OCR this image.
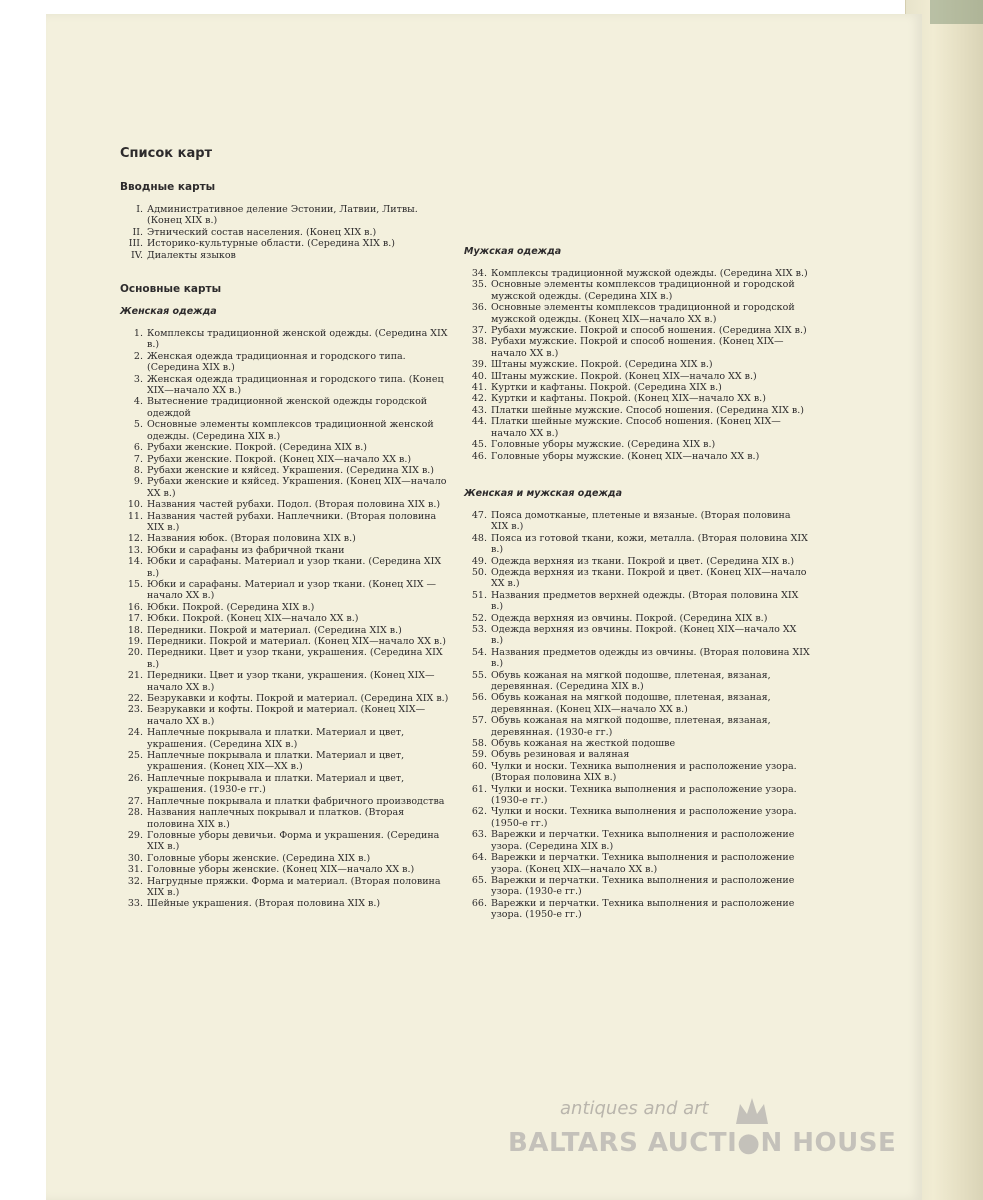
Список карт
Вводные карты
I. Административное деление Эстонии, Латвии, Литвы. (Конец XIX в.)
II. Этнический состав населения. (Конец XIX в.)
III. Историко-культурные области. (Середина XIX в.)
IV. Диалекты языков
Основные карты
Женская одежда
1. Комплексы традиционной женской одежды. (Середина XIX в.)
2. Женская одежда традиционная и городского типа. (Середина XIX в.)
3. Женская одежда традиционная и городского типа. (Конец XIX—начало XX в.)
4. Вытеснение традиционной женской одежды городской одеждой
5. Основные элементы комплексов традиционной женской одежды. (Середина XIX в.)
6. Рубахи женские. Покрой. (Середина XIX в.)
7. Рубахи женские. Покрой. (Конец XIX—начало XX в.)
8. Рубахи женские и кяйсед. Украшения. (Середина XIX в.)
9. Рубахи женские и кяйсед. Украшения. (Конец XIX—начало XX в.)
10. Названия частей рубахи. Подол. (Вторая половина XIX в.)
11. Названия частей рубахи. Наплечники. (Вторая половина XIX в.)
12. Названия юбок. (Вторая половина XIX в.)
13. Юбки и сарафаны из фабричной ткани
14. Юбки и сарафаны. Материал и узор ткани. (Середина XIX в.)
15. Юбки и сарафаны. Материал и узор ткани. (Конец XIX — начало XX в.)
16. Юбки. Покрой. (Середина XIX в.)
17. Юбки. Покрой. (Конец XIX—начало XX в.)
18. Передники. Покрой и материал. (Середина XIX в.)
19. Передники. Покрой и материал. (Конец XIX—начало XX в.)
20. Передники. Цвет и узор ткани, украшения. (Середина XIX в.)
21. Передники. Цвет и узор ткани, украшения. (Конец XIX—начало XX в.)
22. Безрукавки и кофты. Покрой и материал. (Середина XIX в.)
23. Безрукавки и кофты. Покрой и материал. (Конец XIX—начало XX в.)
24. Наплечные покрывала и платки. Материал и цвет, украшения. (Середина XIX в.)
25. Наплечные покрывала и платки. Материал и цвет, украшения. (Конец XIX—XX в.)
26. Наплечные покрывала и платки. Материал и цвет, украшения. (1930-е гг.)
27. Наплечные покрывала и платки фабричного производства
28. Названия наплечных покрывал и платков. (Вторая половина XIX в.)
29. Головные уборы девичьи. Форма и украшения. (Середина XIX в.)
30. Головные уборы женские. (Середина XIX в.)
31. Головные уборы женские. (Конец XIX—начало XX в.)
32. Нагрудные пряжки. Форма и материал. (Вторая половина XIX в.)
33. Шейные украшения. (Вторая половина XIX в.)
Мужская одежда
34. Комплексы традиционной мужской одежды. (Середина XIX в.)
35. Основные элементы комплексов традиционной и городской мужской одежды. (Середина XIX в.)
36. Основные элементы комплексов традиционной и городской мужской одежды. (Конец XIX—начало XX в.)
37. Рубахи мужские. Покрой и способ ношения. (Середина XIX в.)
38. Рубахи мужские. Покрой и способ ношения. (Конец XIX—начало XX в.)
39. Штаны мужские. Покрой. (Середина XIX в.)
40. Штаны мужские. Покрой. (Конец XIX—начало XX в.)
41. Куртки и кафтаны. Покрой. (Середина XIX в.)
42. Куртки и кафтаны. Покрой. (Конец XIX—начало XX в.)
43. Платки шейные мужские. Способ ношения. (Середина XIX в.)
44. Платки шейные мужские. Способ ношения. (Конец XIX—начало XX в.)
45. Головные уборы мужские. (Середина XIX в.)
46. Головные уборы мужские. (Конец XIX—начало XX в.)
Женская и мужская одежда
47. Пояса домотканые, плетеные и вязаные. (Вторая половина XIX в.)
48. Пояса из готовой ткани, кожи, металла. (Вторая половина XIX в.)
49. Одежда верхняя из ткани. Покрой и цвет. (Середина XIX в.)
50. Одежда верхняя из ткани. Покрой и цвет. (Конец XIX—начало XX в.)
51. Названия предметов верхней одежды. (Вторая половина XIX в.)
52. Одежда верхняя из овчины. Покрой. (Середина XIX в.)
53. Одежда верхняя из овчины. Покрой. (Конец XIX—начало XX в.)
54. Названия предметов одежды из овчины. (Вторая половина XIX в.)
55. Обувь кожаная на мягкой подошве, плетеная, вязаная, деревянная. (Середина XIX в.)
56. Обувь кожаная на мягкой подошве, плетеная, вязаная, деревянная. (Конец XIX—начало XX в.)
57. Обувь кожаная на мягкой подошве, плетеная, вязаная, деревянная. (1930-е гг.)
58. Обувь кожаная на жесткой подошве
59. Обувь резиновая и валяная
60. Чулки и носки. Техника выполнения и расположение узора. (Вторая половина XIX в.)
61. Чулки и носки. Техника выполнения и расположение узора. (1930-е гг.)
62. Чулки и носки. Техника выполнения и расположение узора. (1950-е гг.)
63. Варежки и перчатки. Техника выполнения и расположение узора. (Середина XIX в.)
64. Варежки и перчатки. Техника выполнения и расположение узора. (Конец XIX—начало XX в.)
65. Варежки и перчатки. Техника выполнения и расположение узора. (1930-е гг.)
66. Варежки и перчатки. Техника выполнения и расположение узора. (1950-е гг.)
antiques and art
BALTARS AUCTI●N HOUSE
